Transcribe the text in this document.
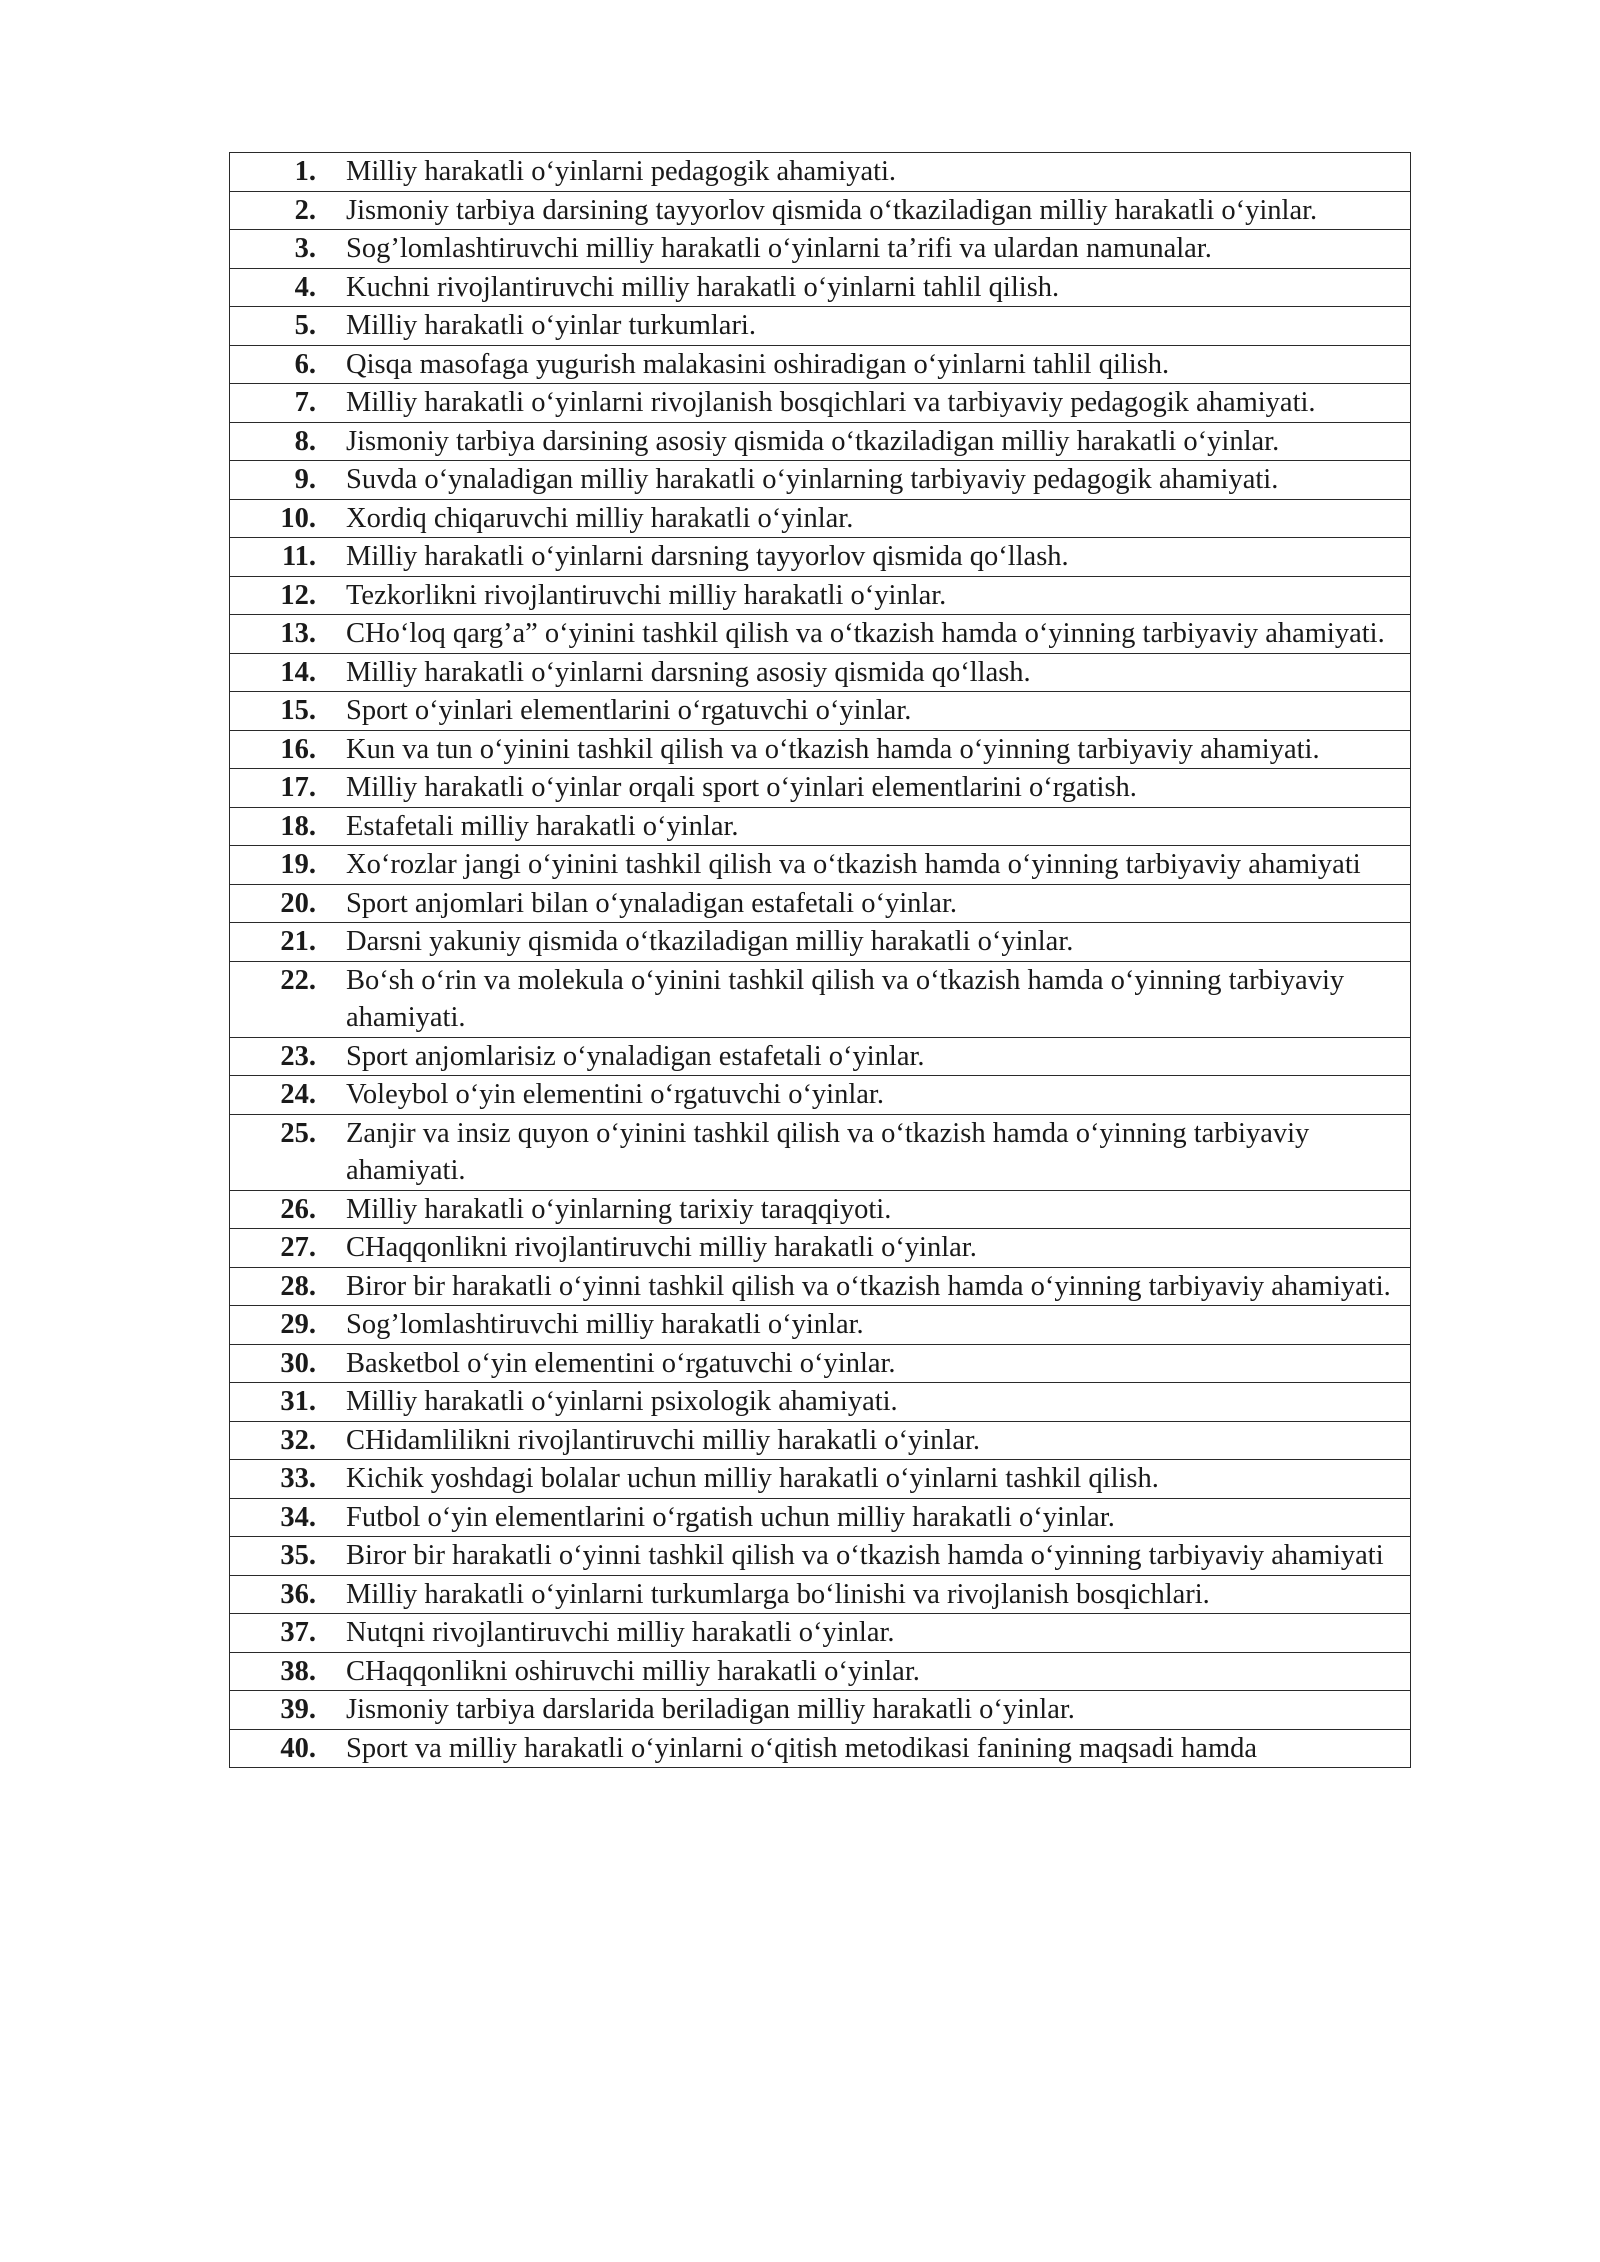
1.	Milliy harakatli o‘yinlarni pedagogik ahamiyati.
2.	Jismoniy tarbiya darsining tayyorlov qismida o‘tkaziladigan milliy harakatli o‘yinlar.
3.	Sog’lomlashtiruvchi milliy harakatli o‘yinlarni ta’rifi va ulardan namunalar.
4.	Kuchni rivojlantiruvchi milliy harakatli o‘yinlarni tahlil qilish.
5.	Milliy harakatli o‘yinlar turkumlari.
6.	Qisqa masofaga yugurish malakasini oshiradigan o‘yinlarni tahlil qilish.
7.	Milliy harakatli o‘yinlarni rivojlanish bosqichlari va tarbiyaviy pedagogik ahamiyati.
8.	Jismoniy tarbiya darsining asosiy qismida o‘tkaziladigan milliy harakatli o‘yinlar.
9.	Suvda o‘ynaladigan milliy harakatli o‘yinlarning tarbiyaviy pedagogik ahamiyati.
10.	Xordiq chiqaruvchi milliy harakatli o‘yinlar.
11.	Milliy harakatli o‘yinlarni darsning tayyorlov qismida qo‘llash.
12.	Tezkorlikni rivojlantiruvchi milliy harakatli o‘yinlar.
13.	CHo‘loq qarg’a” o‘yinini tashkil qilish va o‘tkazish hamda o‘yinning tarbiyaviy ahamiyati.
14.	Milliy harakatli o‘yinlarni darsning asosiy qismida qo‘llash.
15.	Sport o‘yinlari elementlarini o‘rgatuvchi o‘yinlar.
16.	Kun va tun o‘yinini tashkil qilish va o‘tkazish hamda o‘yinning tarbiyaviy ahamiyati.
17.	Milliy harakatli o‘yinlar orqali sport o‘yinlari elementlarini o‘rgatish.
18.	Estafetali milliy harakatli o‘yinlar.
19.	Xo‘rozlar jangi o‘yinini tashkil qilish va o‘tkazish hamda o‘yinning tarbiyaviy ahamiyati
20.	Sport anjomlari bilan o‘ynaladigan estafetali o‘yinlar.
21.	Darsni yakuniy qismida o‘tkaziladigan milliy harakatli o‘yinlar.
22.	Bo‘sh o‘rin va molekula o‘yinini tashkil qilish va o‘tkazish hamda o‘yinning tarbiyaviy ahamiyati.
23.	Sport anjomlarisiz o‘ynaladigan estafetali o‘yinlar.
24.	Voleybol o‘yin elementini o‘rgatuvchi o‘yinlar.
25.	Zanjir va insiz quyon o‘yinini tashkil qilish va o‘tkazish hamda o‘yinning tarbiyaviy ahamiyati.
26.	Milliy harakatli o‘yinlarning tarixiy taraqqiyoti.
27.	CHaqqonlikni rivojlantiruvchi milliy harakatli o‘yinlar.
28.	Biror bir harakatli o‘yinni tashkil qilish va o‘tkazish hamda o‘yinning tarbiyaviy ahamiyati.
29.	Sog’lomlashtiruvchi milliy harakatli o‘yinlar.
30.	Basketbol o‘yin elementini o‘rgatuvchi o‘yinlar.
31.	Milliy harakatli o‘yinlarni psixologik ahamiyati.
32.	CHidamlilikni rivojlantiruvchi milliy harakatli o‘yinlar.
33.	Kichik yoshdagi bolalar uchun milliy harakatli o‘yinlarni tashkil qilish.
34.	Futbol o‘yin elementlarini o‘rgatish uchun milliy harakatli o‘yinlar.
35.	Biror bir harakatli o‘yinni tashkil qilish va o‘tkazish hamda o‘yinning tarbiyaviy ahamiyati
36.	Milliy harakatli o‘yinlarni turkumlarga bo‘linishi va rivojlanish bosqichlari.
37.	Nutqni rivojlantiruvchi milliy harakatli o‘yinlar.
38.	CHaqqonlikni oshiruvchi milliy harakatli o‘yinlar.
39.	Jismoniy tarbiya darslarida beriladigan milliy harakatli o‘yinlar.
40.	Sport va milliy harakatli o‘yinlarni o‘qitish metodikasi fanining maqsadi hamda
